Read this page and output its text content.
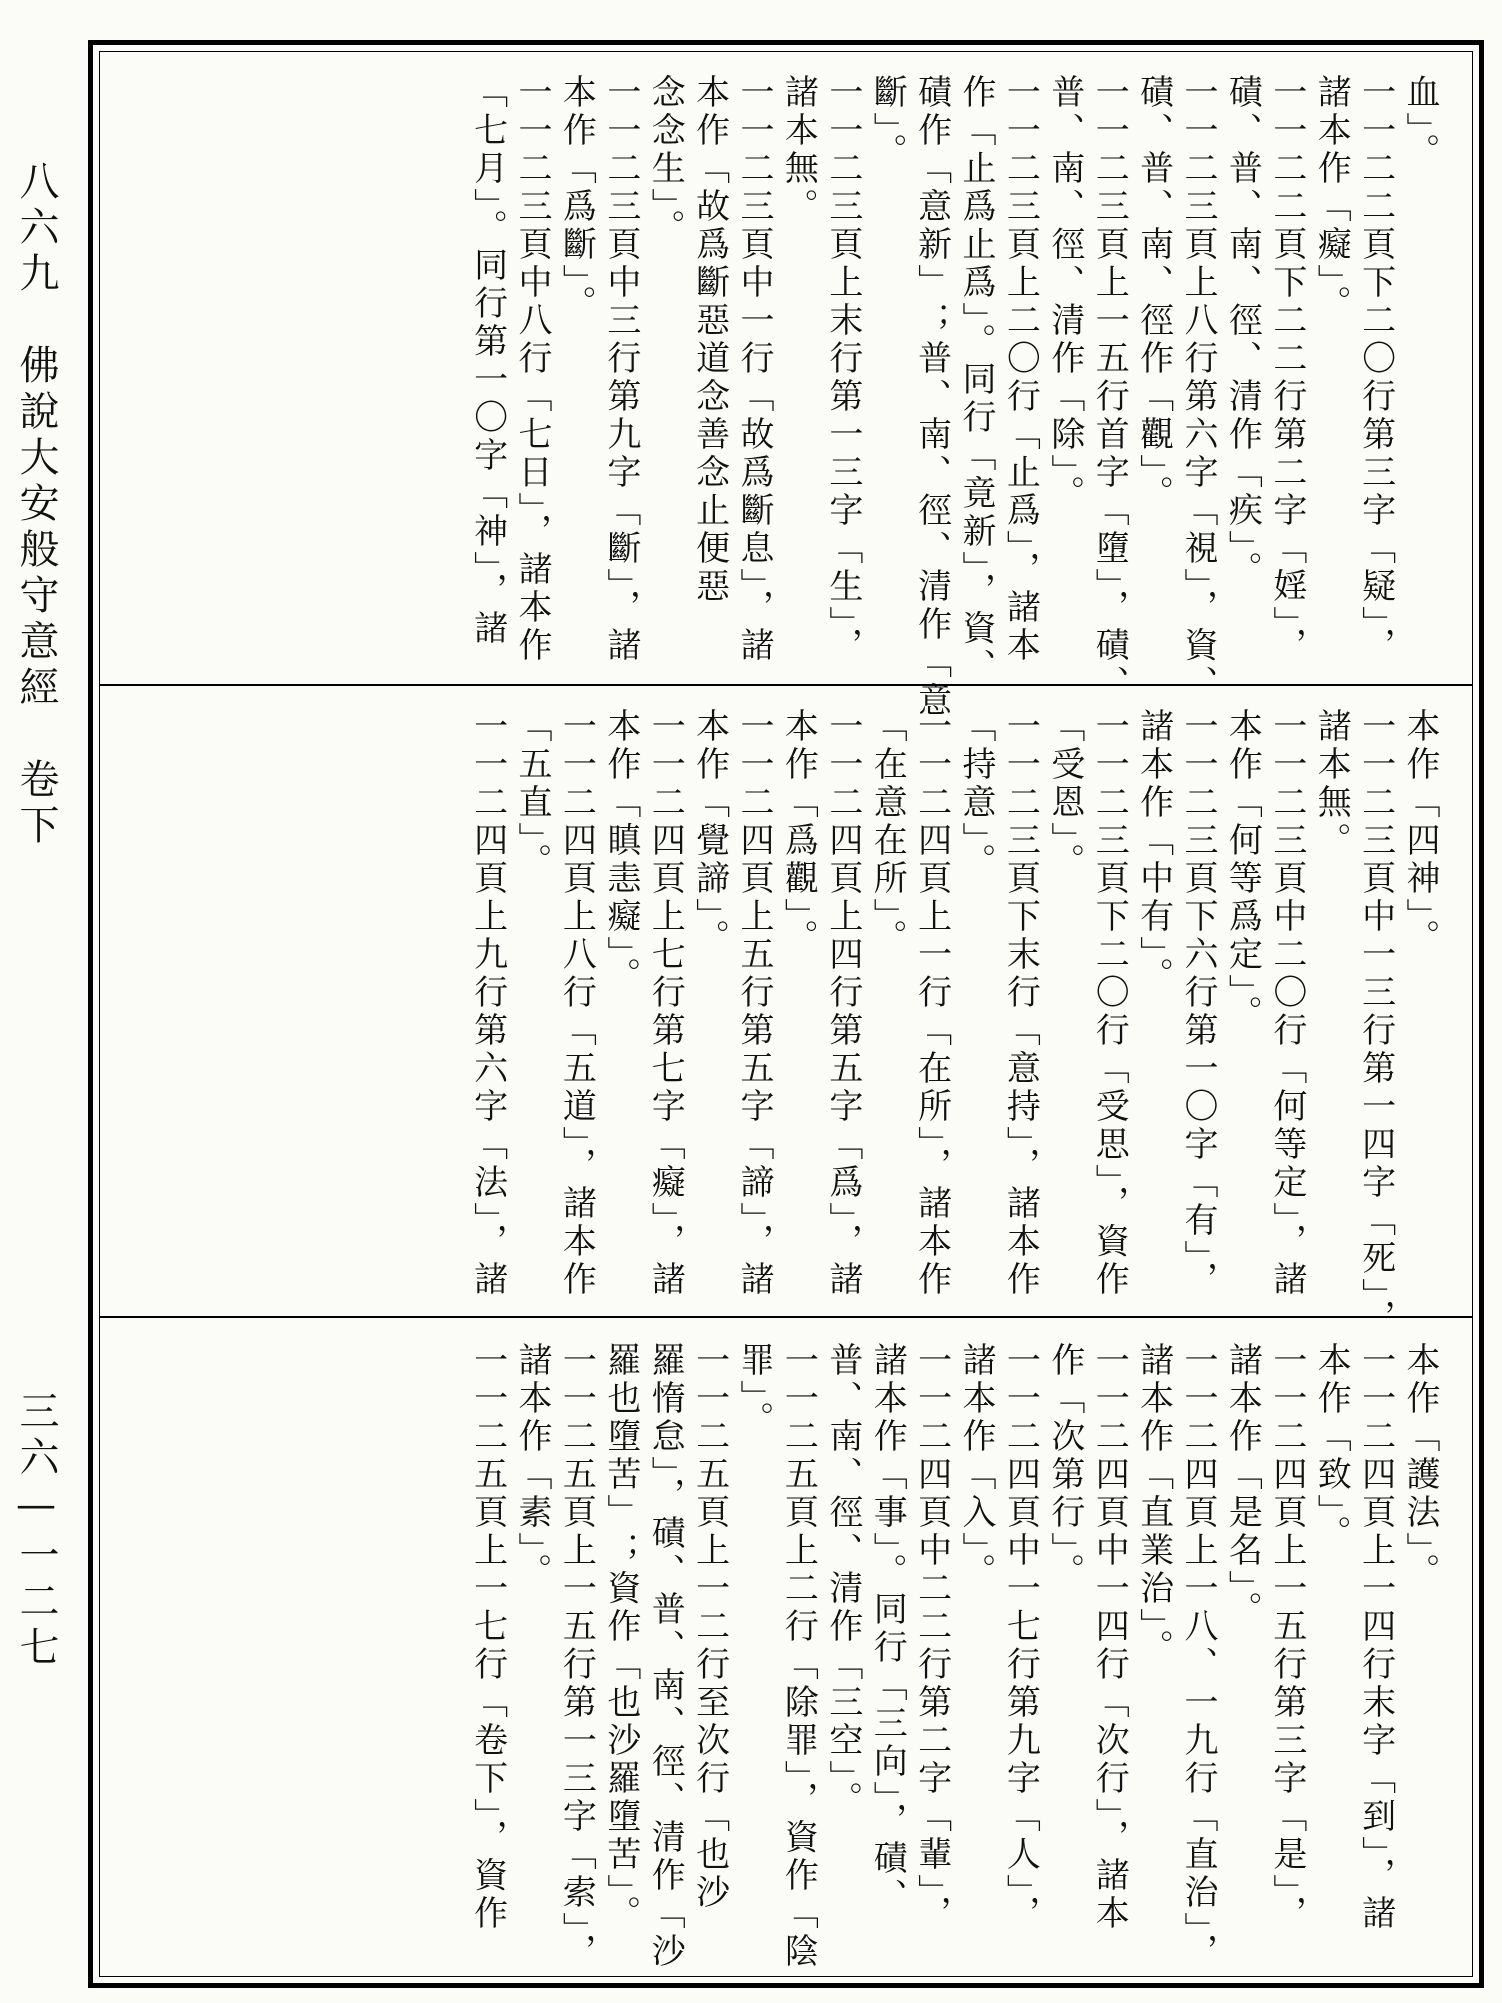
八六九　佛說大安般守意經　卷下
三六—一二七
血」。
一一二二頁下二〇行第三字「疑」，
諸本作「癡」。
一一二二頁下二二行第二字「婬」，
磧、普、南、徑、清作「疾」。
一一二三頁上八行第六字「視」，資、
磧、普、南、徑作「觀」。
一一二三頁上一五行首字「墮」，磧、
普、南、徑、清作「除」。
一一二三頁上二〇行「止爲」，諸本
作「止爲止爲」。同行「竟新」，資、
磧作「意新」；普、南、徑、清作「意
斷」。
一一二三頁上末行第一三字「生」，
諸本無。
一一二三頁中一行「故爲斷息」，諸
本作「故爲斷惡道念善念止便惡
念念生」。
一一二三頁中三行第九字「斷」，諸
本作「爲斷」。
一一二三頁中八行「七日」，諸本作
「七月」。同行第一〇字「神」，諸
本作「四神」。
一一二三頁中一三行第一四字「死」，
諸本無。
一一二三頁中二〇行「何等定」，諸
本作「何等爲定」。
一一二三頁下六行第一〇字「有」，
諸本作「中有」。
一一二三頁下二〇行「受思」，資作
「受恩」。
一一二三頁下末行「意持」，諸本作
「持意」。
一一二四頁上一行「在所」，諸本作
「在意在所」。
一一二四頁上四行第五字「爲」，諸
本作「爲觀」。
一一二四頁上五行第五字「諦」，諸
本作「覺諦」。
一一二四頁上七行第七字「癡」，諸
本作「瞋恚癡」。
一一二四頁上八行「五道」，諸本作
「五直」。
一一二四頁上九行第六字「法」，諸
本作「護法」。
一一二四頁上一四行末字「到」，諸
本作「致」。
一一二四頁上一五行第三字「是」，
諸本作「是名」。
一一二四頁上一八、一九行「直治」，
諸本作「直業治」。
一一二四頁中一四行「次行」，諸本
作「次第行」。
一一二四頁中一七行第九字「人」，
諸本作「入」。
一一二四頁中二二行第二字「輩」，
諸本作「事」。同行「三向」，磧、
普、南、徑、清作「三空」。
一一二五頁上二行「除罪」，資作「陰
罪」。
一一二五頁上一二行至次行「也沙
羅惰怠」，磧、普、南、徑、清作「沙
羅也墮苦」；資作「也沙羅墮苦」。
一一二五頁上一五行第一三字「索」，
諸本作「素」。
一一二五頁上一七行「卷下」，資作
